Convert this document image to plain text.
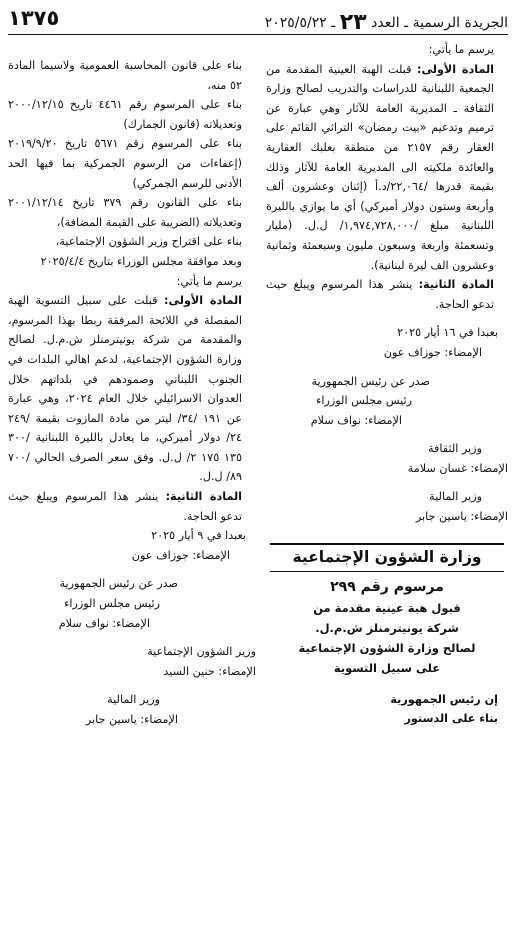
الجريدة الرسمية ـ العدد ٢٣ ـ ٢٠٢٥/٥/٢٢
١٣٧٥

يرسم ما يأتي:

المادة الأولى: قبلت الهبة العينية المقدمة من الجمعية اللبنانية للدراسات والتدريب لصالح وزارة الثقافة ـ المديرية العامة للآثار وهي عبارة عن ترميم وتدعيم «بيت رمضان» التراثي القائم على العقار رقم ٢١٥٧ من منطقة بعلبك العقارية والعائدة ملكيته الى المديرية العامة للآثار وذلك بقيمة قدرها /٢٢,٠٦٤/د.أ (إثنان وعشرون ألف وأربعة وستون دولار أميركي) أي ما يوازي بالليرة اللبنانية مبلغ /١,٩٧٤,٧٢٨,٠٠٠/ ل.ل. (مليار وتسعمئة واربعة وسبعون مليون وسبعمئة وثمانية وعشرون الف ليرة لبنانية).

المادة الثانية: ينشر هذا المرسوم ويبلغ حيث تدعو الحاجة.

بعبدا في ١٦ أيار ٢٠٢٥

الإمضاء: جوزاف عون

صدر عن رئيس الجمهورية

رئيس مجلس الوزراء

الإمضاء: نواف سلام

وزير الثقافة

الإمضاء: غسان سلامة

وزير المالية

الإمضاء: ياسين جابر

وزارة الشؤون الإجتماعية
مرسوم رقم ٢٩٩
قبول هبة عينية مقدمة من
شركة يونيترمنلز ش.م.ل.
لصالح وزارة الشؤون الإجتماعية
على سبيل التسوية

إن رئيس الجمهورية

بناء على الدستور

بناء على قانون المحاسبة العمومية ولاسيما المادة ٥٢ منه،

بناء على المرسوم رقم ٤٤٦١ تاريخ ٢٠٠٠/١٢/١٥ وتعديلاته (قانون الجمارك)

بناء على المرسوم رقم ٥٦٧١ تاريخ ٢٠١٩/٩/٢٠ (إعفاءات من الرسوم الجمركية بما فيها الحد الأدنى للرسم الجمركي)

بناء على القانون رقم ٣٧٩ تاريخ ٢٠٠١/١٢/١٤ وتعديلاته (الضريبة على القيمة المضافة)،

بناء على اقتراح وزير الشؤون الإجتماعية،

وبعد موافقة مجلس الوزراء بتاريخ ٢٠٢٥/٤/٤

يرسم ما يأتي:

المادة الأولى: قبلت على سبيل التسوية الهبة المفصلة في اللائحة المرفقة ربطا بهذا المرسوم، والمقدمة من شركة يونيترمنلز ش.م.ل. لصالح وزارة الشؤون الإجتماعية، لدعم اهالي البلدات في الجنوب اللبناني وصمودهم في بلداتهم خلال العدوان الاسرائيلي خلال العام ٢٠٢٤، وهي عبارة عن ١٩١ /٣٤/ ليتر من مادة المازوت بقيمة /٢٤٩ ٢٤/ دولار أميركي، ما يعادل بالليرة اللبنانية /٣٠٠ ١٣٥ ١٧٥ ٢/ ل.ل. وفق سعر الصرف الحالي /٧٠٠ ٨٩/ ل.ل.

المادة الثانية: ينشر هذا المرسوم ويبلغ حيث تدعو الحاجة.

بعبدا في ٩ أيار ٢٠٢٥

الإمضاء: جوزاف عون

صدر عن رئيس الجمهورية

رئيس مجلس الوزراء

الإمضاء: نواف سلام

وزير الشؤون الإجتماعية

الإمضاء: حنين السيد

وزير المالية

الإمضاء: ياسين جابر
